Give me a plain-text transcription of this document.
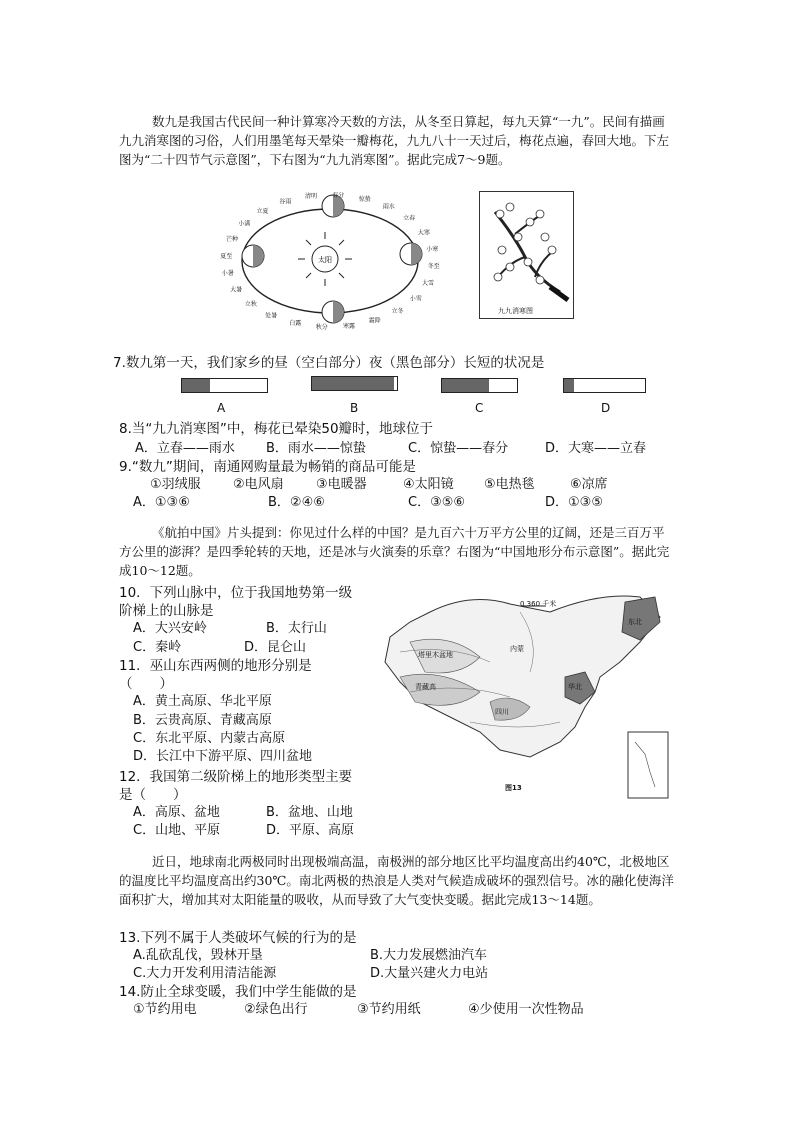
数九是我国古代民间一种计算寒冷天数的方法，从冬至日算起，每九天算“一九”。民间有描画九九消寒图的习俗，人们用墨笔每天晕染一瓣梅花，九九八十一天过后，梅花点遍，春回大地。下左图为“二十四节气示意图”，下右图为“九九消寒图”。据此完成7～9题。
太阳
春分
清明
谷雨
立夏
小满
芒种
夏至
小暑
大暑
立秋
处暑
白露
秋分	寒露
霜降
立冬
小雪
大雪
冬至
小寒
大寒
立春
雨水
惊蛰
九九消寒图
7.数九第一天，我们家乡的昼（空白部分）夜（黑色部分）长短的状况是
A	B	C	D
8.当“九九消寒图”中，梅花已晕染50瓣时，地球位于
A．立春——雨水 B．雨水——惊蛰	C．惊蛰——春分	D．大寒——立春
9.“数九”期间，南通网购量最为畅销的商品可能是
①羽绒服 ②电风扇 ③电暖器	④太阳镜 ⑤电热毯	⑥凉席
A．①③⑥	B．②④⑥	C．③⑤⑥	D．①③⑤
《航拍中国》片头提到：你见过什么样的中国？是九百六十万平方公里的辽阔，还是三百万平方公里的澎湃？是四季轮转的天地，还是冰与火演奏的乐章？右图为“中国地形分布示意图”。据此完成10～12题。
10．下列山脉中，位于我国地势第一级
阶梯上的山脉是
A．大兴安岭	B．太行山
C．秦岭	D．昆仑山
11．巫山东西两侧的地形分别是
（　　）
A．黄土高原、华北平原
B．云贵高原、青藏高原
C．东北平原、内蒙古高原
D．长江中下游平原、四川盆地
12．我国第二级阶梯上的地形类型主要
是（　　）
A．高原、盆地	B．盆地、山地
C．山地、平原	D．平原、高原
0 360 千米
塔里木盆地
内蒙
青藏高
东北
四川
华北
图13
近日，地球南北两极同时出现极端高温，南极洲的部分地区比平均温度高出约40℃，北极地区的温度比平均温度高出约30℃。南北两极的热浪是人类对气候造成破坏的强烈信号。冰的融化使海洋面积扩大，增加其对太阳能量的吸收，从而导致了大气变快变暖。据此完成13～14题。
13.下列不属于人类破坏气候的行为的是
A.乱砍乱伐，毁林开垦	B.大力发展燃油汽车
C.大力开发利用清洁能源	D.大量兴建火力电站
14.防止全球变暖，我们中学生能做的是
①节约用电	②绿色出行	③节约用纸	④少使用一次性物品
